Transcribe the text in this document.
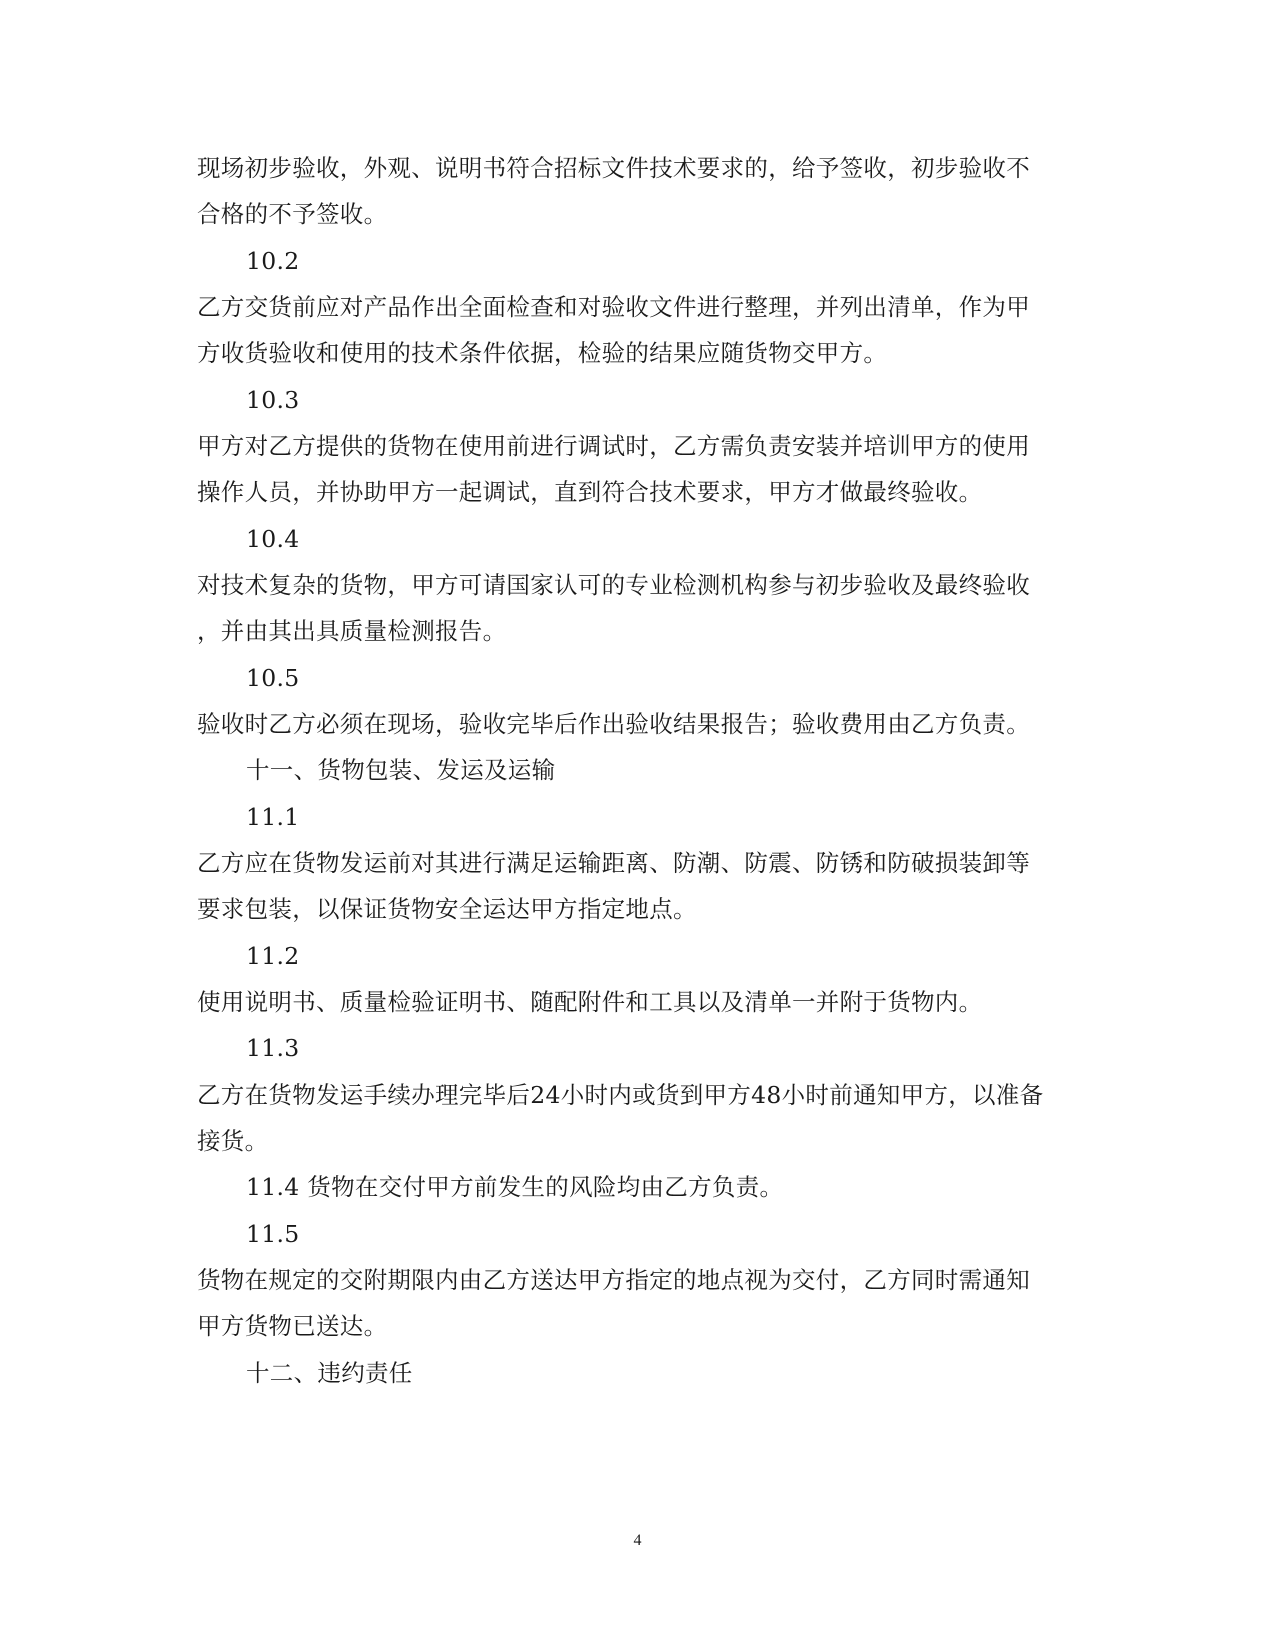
现场初步验收，外观、说明书符合招标文件技术要求的，给予签收，初步验收不
合格的不予签收。
10.2
乙方交货前应对产品作出全面检查和对验收文件进行整理，并列出清单，作为甲
方收货验收和使用的技术条件依据，检验的结果应随货物交甲方。
10.3
甲方对乙方提供的货物在使用前进行调试时，乙方需负责安装并培训甲方的使用
操作人员，并协助甲方一起调试，直到符合技术要求，甲方才做最终验收。
10.4
对技术复杂的货物，甲方可请国家认可的专业检测机构参与初步验收及最终验收
，并由其出具质量检测报告。
10.5
验收时乙方必须在现场，验收完毕后作出验收结果报告；验收费用由乙方负责。
十一、货物包装、发运及运输
11.1
乙方应在货物发运前对其进行满足运输距离、防潮、防震、防锈和防破损装卸等
要求包装，以保证货物安全运达甲方指定地点。
11.2
使用说明书、质量检验证明书、随配附件和工具以及清单一并附于货物内。
11.3
乙方在货物发运手续办理完毕后24小时内或货到甲方48小时前通知甲方，以准备
接货。
11.4 货物在交付甲方前发生的风险均由乙方负责。
11.5
货物在规定的交附期限内由乙方送达甲方指定的地点视为交付，乙方同时需通知
甲方货物已送达。
十二、违约责任
4
